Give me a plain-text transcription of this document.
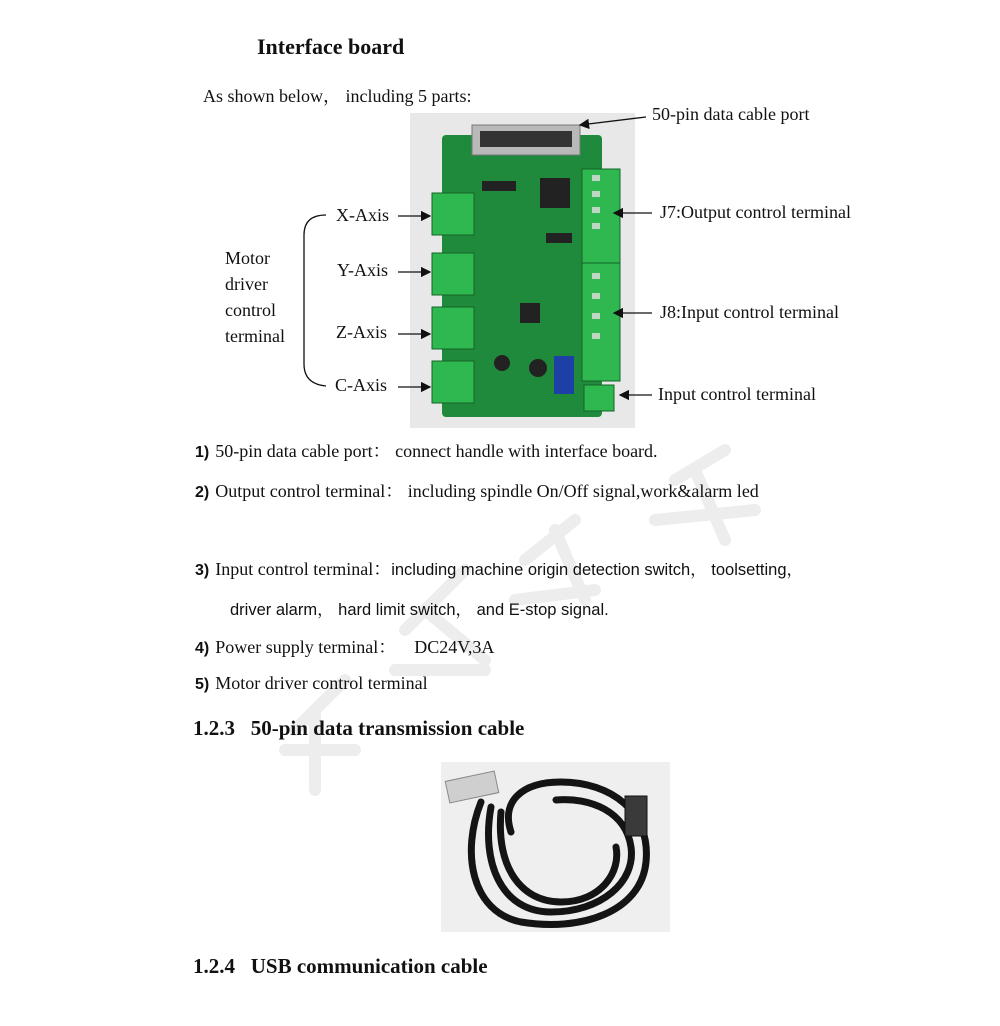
Interface board
As shown below， including 5 parts:
50-pin data cable port
J7:Output control terminal
J8:Input control terminal
Input control terminal
X-Axis
Y-Axis
Z-Axis
C-Axis
Motor
driver
control
terminal
1) 50-pin data cable port： connect handle with interface board.
2) Output control terminal： including spindle On/Off signal,work&alarm led
3) Input control terminal：including machine origin detection switch， toolsetting，
driver alarm， hard limit switch， and E-stop signal.
4) Power supply terminal：    DC24V,3A
5) Motor driver control terminal
1.2.3   50-pin data transmission cable
1.2.4   USB communication cable
